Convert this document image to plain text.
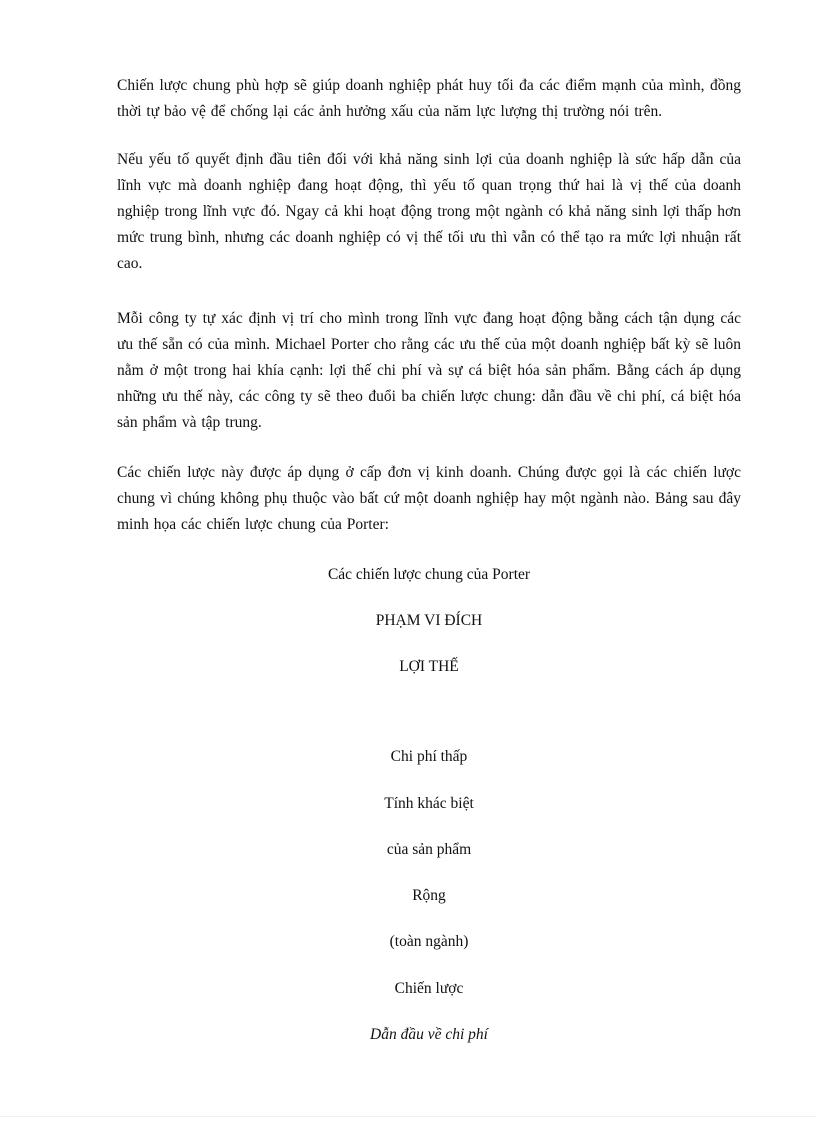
Chiến lược chung phù hợp sẽ giúp doanh nghiệp phát huy tối đa các điểm mạnh của mình, đồng thời tự bảo vệ để chống lại các ảnh hưởng xấu của năm lực lượng thị trường nói trên.

Nếu yếu tố quyết định đầu tiên đối với khả năng sinh lợi của doanh nghiệp là sức hấp dẫn của lĩnh vực mà doanh nghiệp đang hoạt động, thì yếu tố quan trọng thứ hai là vị thế của doanh nghiệp trong lĩnh vực đó. Ngay cả khi hoạt động trong một ngành có khả năng sinh lợi thấp hơn mức trung bình, nhưng các doanh nghiệp có vị thế tối ưu thì vẫn có thể tạo ra mức lợi nhuận rất cao.

Mỗi công ty tự xác định vị trí cho mình trong lĩnh vực đang hoạt động bằng cách tận dụng các ưu thế sẵn có của mình. Michael Porter cho rằng các ưu thế của một doanh nghiệp bất kỳ sẽ luôn nằm ở một trong hai khía cạnh: lợi thế chi phí và sự cá biệt hóa sản phẩm. Bằng cách áp dụng những ưu thế này, các công ty sẽ theo đuổi ba chiến lược chung: dẫn đầu về chi phí, cá biệt hóa sản phẩm và tập trung.

Các chiến lược này được áp dụng ở cấp đơn vị kinh doanh. Chúng được gọi là các chiến lược chung vì chúng không phụ thuộc vào bất cứ một doanh nghiệp hay một ngành nào. Bảng sau đây minh họa các chiến lược chung của Porter:

Các chiến lược chung của Porter

PHẠM VI ĐÍCH

LỢI THẾ

Chi phí thấp

Tính khác biệt

của sản phẩm

Rộng

(toàn ngành)

Chiến lược

Dẫn đầu về chi phí
